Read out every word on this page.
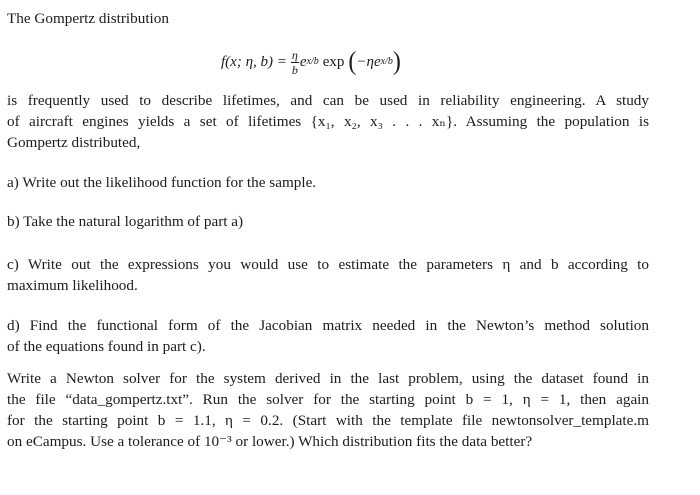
The Gompertz distribution
f(x; η, $b) = \frac{\eta}{b}$ e x/b exp ( −ηe x/b )
is frequently used to describe lifetimes, and can be used in reliability engineering. A study
of aircraft engines yields a set of lifetimes {x₁, x₂, x₃ . . . xₙ}. Assuming the population is
Gompertz distributed,
a) Write out the likelihood function for the sample.
b) Take the natural logarithm of part a)
c) Write out the expressions you would use to estimate the parameters η and b according to
maximum likelihood.
d) Find the functional form of the Jacobian matrix needed in the Newton’s method solution
of the equations found in part c).
Write a Newton solver for the system derived in the last problem, using the dataset found in
the file “data_gompertz.txt”. Run the solver for the starting point b = 1, η = 1, then again
for the starting point b = 1.1, η = 0.2. (Start with the template file newtonsolver_template.m
on eCampus. Use a tolerance of 10⁻³ or lower.) Which distribution fits the data better?
